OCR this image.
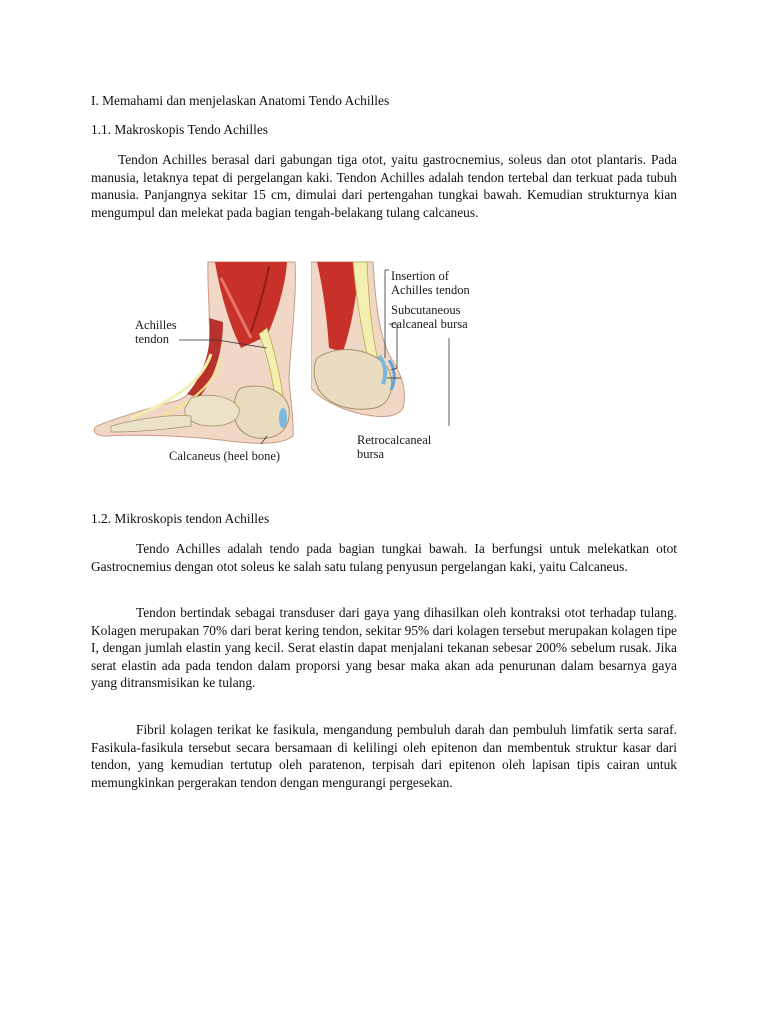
I. Memahami dan menjelaskan Anatomi Tendo Achilles

1.1. Makroskopis Tendo Achilles

Tendon Achilles berasal dari gabungan tiga otot, yaitu gastrocnemius, soleus dan otot plantaris. Pada manusia, letaknya tepat di pergelangan kaki. Tendon Achilles adalah tendon tertebal dan terkuat pada tubuh manusia. Panjangnya sekitar 15 cm, dimulai dari pertengahan tungkai bawah. Kemudian strukturnya kian mengumpul dan melekat pada bagian tengah-belakang tulang calcaneus.

Achilles
tendon
Calcaneus (heel bone)
Insertion of
Achilles tendon
Subcutaneous
calcaneal bursa
Retrocalcaneal
bursa

1.2. Mikroskopis tendon Achilles

Tendo Achilles adalah tendo pada bagian tungkai bawah. Ia berfungsi untuk melekatkan otot Gastrocnemius dengan otot soleus ke salah satu tulang penyusun pergelangan kaki, yaitu Calcaneus.

Tendon bertindak sebagai transduser dari gaya yang dihasilkan oleh kontraksi otot terhadap tulang. Kolagen merupakan 70% dari berat kering tendon, sekitar 95% dari kolagen tersebut merupakan kolagen tipe I, dengan jumlah elastin yang kecil. Serat elastin dapat menjalani tekanan sebesar 200% sebelum rusak. Jika serat elastin ada pada tendon dalam proporsi yang besar maka akan ada penurunan dalam besarnya gaya yang ditransmisikan ke tulang.

Fibril kolagen terikat ke fasikula, mengandung pembuluh darah dan pembuluh limfatik serta saraf. Fasikula-fasikula tersebut secara bersamaan di kelilingi oleh epitenon dan membentuk struktur kasar dari tendon, yang kemudian tertutup oleh paratenon, terpisah dari epitenon oleh lapisan tipis cairan untuk memungkinkan pergerakan tendon dengan mengurangi pergesekan.
